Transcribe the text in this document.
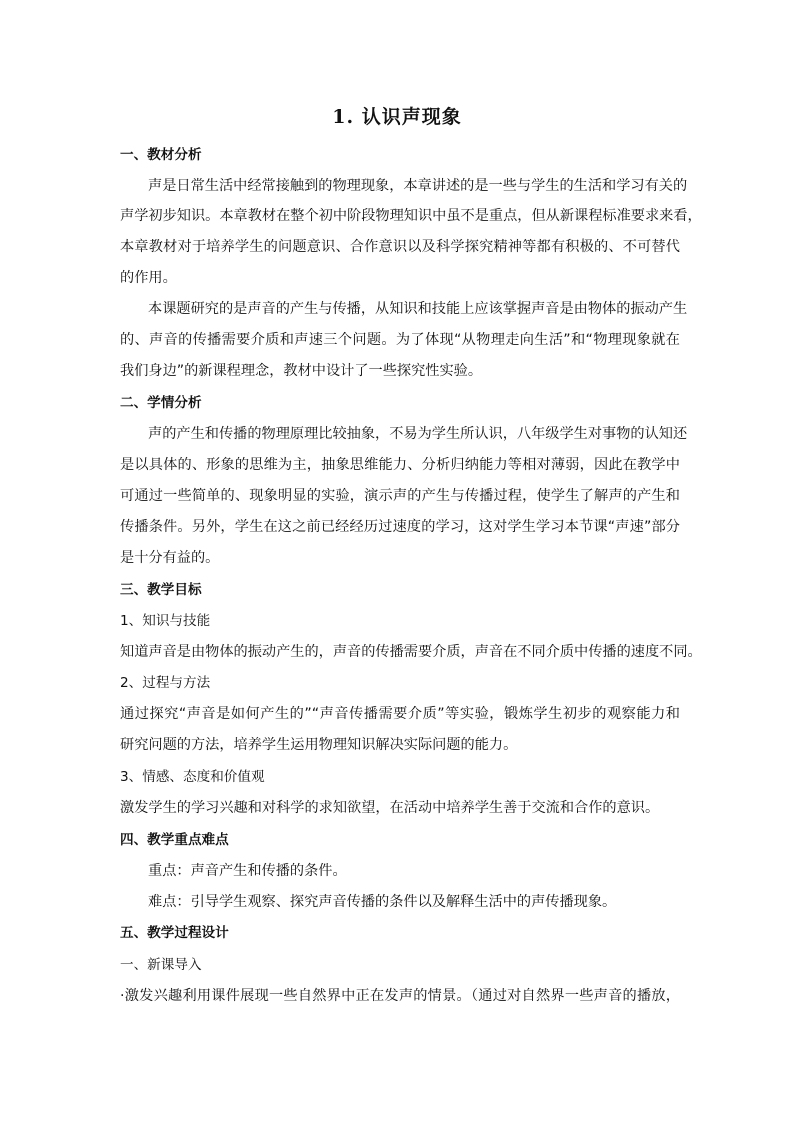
1. 认识声现象
一、教材分析
声是日常生活中经常接触到的物理现象，本章讲述的是一些与学生的生活和学习有关的
声学初步知识。本章教材在整个初中阶段物理知识中虽不是重点，但从新课程标准要求来看，
本章教材对于培养学生的问题意识、合作意识以及科学探究精神等都有积极的、不可替代
的作用。
本课题研究的是声音的产生与传播，从知识和技能上应该掌握声音是由物体的振动产生
的、声音的传播需要介质和声速三个问题。为了体现“从物理走向生活”和“物理现象就在
我们身边”的新课程理念，教材中设计了一些探究性实验。
二、学情分析
声的产生和传播的物理原理比较抽象，不易为学生所认识，八年级学生对事物的认知还
是以具体的、形象的思维为主，抽象思维能力、分析归纳能力等相对薄弱，因此在教学中
可通过一些简单的、现象明显的实验，演示声的产生与传播过程，使学生了解声的产生和
传播条件。另外，学生在这之前已经经历过速度的学习，这对学生学习本节课“声速”部分
是十分有益的。
三、教学目标
1、知识与技能
知道声音是由物体的振动产生的，声音的传播需要介质，声音在不同介质中传播的速度不同。
2、过程与方法
通过探究“声音是如何产生的”“声音传播需要介质”等实验，锻炼学生初步的观察能力和
研究问题的方法，培养学生运用物理知识解决实际问题的能力。
3、情感、态度和价值观
激发学生的学习兴趣和对科学的求知欲望，在活动中培养学生善于交流和合作的意识。
四、教学重点难点
重点：声音产生和传播的条件。
难点：引导学生观察、探究声音传播的条件以及解释生活中的声传播现象。
五、教学过程设计
一、新课导入
·激发兴趣利用课件展现一些自然界中正在发声的情景。（通过对自然界一些声音的播放，
